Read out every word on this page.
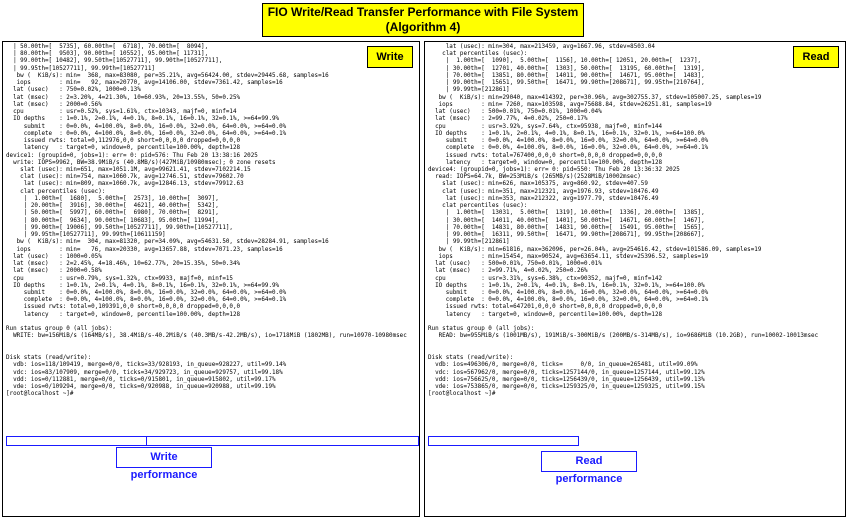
FIO Write/Read Transfer Performance with File System
(Algorithm 4)
| 50.00th=[  5735], 60.00th=[  6718], 70.00th=[  8094],
| 80.00th=[  9503], 90.00th=[ 10552], 95.00th=[ 11731],
| 99.00th=[ 10482], 99.50th=[10527711], 99.90th=[10527711],
| 99.95th=[10527711], 99.99th=[10527711]
bw (  KiB/s): min=  368, max=83080, per=35.21%, avg=56424.00, stdev=29445.68, samples=16
iops        : min=   92, max=20770, avg=14106.00, stdev=7361.42, samples=16
lat (usec)   : 750=0.02%, 1000=0.13%
lat (msec)   : 2=3.20%, 4=21.30%, 10=60.93%, 20=13.55%, 50=0.25%
lat (msec)   : 2000=0.56%
cpu          : usr=0.52%, sys=1.61%, ctx=10343, majf=0, minf=14
IO depths    : 1=0.1%, 2=0.1%, 4=0.1%, 8=0.1%, 16=0.1%, 32=0.1%, >=64=99.9%
submit    : 0=0.0%, 4=100.0%, 8=0.0%, 16=0.0%, 32=0.0%, 64=0.0%, >=64=0.0%
complete  : 0=0.0%, 4=100.0%, 8=0.0%, 16=0.0%, 32=0.0%, 64=0.0%, >=64=0.1%
issued rwts: total=0,112976,0,0 short=0,0,0,0 dropped=0,0,0,0
latency   : target=0, window=0, percentile=100.00%, depth=128
device1: (groupid=0, jobs=1): err= 0: pid=576: Thu Feb 20 13:38:16 2025
write: IOPS=9962, BW=38.9MiB/s (40.8MB/s)(427MiB/10980msec); 0 zone resets
slat (usec): min=651, max=1051.1M, avg=99621.41, stdev=7102214.15
clat (usec): min=754, max=1060.7k, avg=12746.51, stdev=79602.70
lat (usec): min=809, max=1060.7k, avg=12846.13, stdev=79912.63
clat percentiles (usec):
|  1.00th=[  1680],  5.00th=[  2573], 10.00th=[  3097],
| 20.00th=[  3916], 30.00th=[  4621], 40.00th=[  5342],
| 50.00th=[  5997], 60.00th=[  6980], 70.00th=[  8291],
| 80.00th=[  9634], 90.00th=[ 10683], 95.00th=[ 11994],
| 99.00th=[ 19006], 99.50th=[10527711], 99.90th=[10527711],
| 99.95th=[10527711], 99.99th=[10611159]
bw (  KiB/s): min=  304, max=81320, per=34.09%, avg=54631.50, stdev=28284.91, samples=16
iops        : min=   76, max=20330, avg=13657.88, stdev=7071.23, samples=16
lat (usec)   : 1000=0.05%
lat (msec)   : 2=2.45%, 4=18.46%, 10=62.77%, 20=15.35%, 50=0.34%
lat (msec)   : 2000=0.58%
cpu          : usr=0.79%, sys=1.32%, ctx=9933, majf=0, minf=15
IO depths    : 1=0.1%, 2=0.1%, 4=0.1%, 8=0.1%, 16=0.1%, 32=0.1%, >=64=99.9%
submit    : 0=0.0%, 4=100.0%, 8=0.0%, 16=0.0%, 32=0.0%, 64=0.0%, >=64=0.0%
complete  : 0=0.0%, 4=100.0%, 8=0.0%, 16=0.0%, 32=0.0%, 64=0.0%, >=64=0.1%
issued rwts: total=0,109391,0,0 short=0,0,0,0 dropped=0,0,0,0
latency   : target=0, window=0, percentile=100.00%, depth=128

Run status group 0 (all jobs):
WRITE: bw=156MiB/s (164MB/s), 38.4MiB/s-40.2MiB/s (40.3MB/s-42.2MB/s), io=1718MiB (1802MB), run=10970-10980msec

Disk stats (read/write):
vdb: ios=118/109419, merge=0/0, ticks=33/928193, in_queue=928227, util=99.14%
vdc: ios=83/107909, merge=0/0, ticks=34/929723, in_queue=929757, util=99.18%
vdd: ios=0/112881, merge=0/0, ticks=0/915801, in_queue=915802, util=99.17%
vde: ios=0/109294, merge=0/0, ticks=0/920988, in_queue=920988, util=99.19%
[root@localhost ~]#

Write
Write performance
lat (usec): min=304, max=213459, avg=1667.96, stdev=8503.04
clat percentiles (usec):
|  1.00th=[  1090],  5.00th=[  1156], 10.00th=[ 12051, 20.00th=[  1237],
| 30.00th=[  12701, 40.00th=[  1303], 50.00th=[  13195, 60.00th=[  1319],
| 70.00th=[  13851, 80.00th=[  14011, 90.00th=[  14671, 95.00th=[  1483],
| 99.00th=[  15651, 99.50th=[  16471, 99.90th=[208671], 99.95th=[210764],
| 99.99th=[212861]
bw (  KiB/s): min=29040, max=414392, per=30.96%, avg=302755.37, stdev=105007.25, samples=19
iops        : min= 7260, max=103598, avg=75688.84, stdev=26251.81, samples=19
lat (usec)   : 500=0.01%, 750=0.01%, 1000=0.04%
lat (msec)   : 2=99.77%, 4=0.02%, 250=0.17%
cpu          : usr=3.92%, sys=7.64%, ctx=95938, majf=0, minf=144
IO depths    : 1=0.1%, 2=0.1%, 4=0.1%, 8=0.1%, 16=0.1%, 32=0.1%, >=64=100.0%
submit    : 0=0.0%, 4=100.0%, 8=0.0%, 16=0.0%, 32=0.0%, 64=0.0%, >=64=0.0%
complete  : 0=0.0%, 4=100.0%, 8=0.0%, 16=0.0%, 32=0.0%, 64=0.0%, >=64=0.1%
issued rwts: total=767400,0,0,0 short=0,0,0,0 dropped=0,0,0,0
latency   : target=0, window=0, percentile=100.00%, depth=128
device4: (groupid=0, jobs=1): err= 0: pid=550: Thu Feb 20 13:36:32 2025
read: IOPS=64.7k, BW=253MiB/s (265MB/s)(2528MiB/10002msec)
slat (usec): min=626, max=105375, avg=860.92, stdev=407.59
clat (usec): min=351, max=212321, avg=1976.93, stdev=10476.49
lat (usec): min=353, max=212322, avg=1977.79, stdev=10476.49
clat percentiles (usec):
|  1.00th=[  13031,  5.00th=[  1319], 10.00th=[  1336], 20.00th=[  1385],
| 30.00th=[  14011, 40.00th=[  1401], 50.00th=[  14671, 60.00th=[  1467],
| 70.00th=[  14831, 80.00th=[  14831, 90.00th=[  15491, 95.00th=[  1565],
| 99.00th=[  16311, 99.50th=[  16471, 99.90th=[208671], 99.95th=[208667],
| 99.99th=[212861]
bw (  KiB/s): min=61816, max=362096, per=26.04%, avg=254616.42, stdev=101586.09, samples=19
iops        : min=15454, max=90524, avg=63654.11, stdev=25396.52, samples=19
lat (usec)   : 500=0.01%, 750=0.01%, 1000=0.01%
lat (msec)   : 2=99.71%, 4=0.02%, 250=0.26%
cpu          : usr=3.31%, sys=6.38%, ctx=90352, majf=0, minf=142
IO depths    : 1=0.1%, 2=0.1%, 4=0.1%, 8=0.1%, 16=0.1%, 32=0.1%, >=64=100.0%
submit    : 0=0.0%, 4=100.0%, 8=0.0%, 16=0.0%, 32=0.0%, 64=0.0%, >=64=0.0%
complete  : 0=0.0%, 4=100.0%, 8=0.0%, 16=0.0%, 32=0.0%, 64=0.0%, >=64=0.1%
issued rwts: total=647201,0,0,0 short=0,0,0,0 dropped=0,0,0,0
latency   : target=0, window=0, percentile=100.00%, depth=128

Run status group 0 (all jobs):
READ: bw=955MiB/s (1001MB/s), 191MiB/s-300MiB/s (200MB/s-314MB/s), io=9686MiB (10.2GB), run=10002-10013msec

Disk stats (read/write):
vdb: ios=496306/0, merge=0/0, ticks=     0/0, in_queue=265481, util=99.09%
vdc: ios=567962/0, merge=0/0, ticks=1257144/0, in_queue=1257144, util=99.12%
vdd: ios=756625/0, merge=0/0, ticks=1256439/0, in_queue=1256439, util=99.13%
vde: ios=753865/0, merge=0/0, ticks=1259325/0, in_queue=1259325, util=99.15%
[root@localhost ~]#

Read
Read performance
